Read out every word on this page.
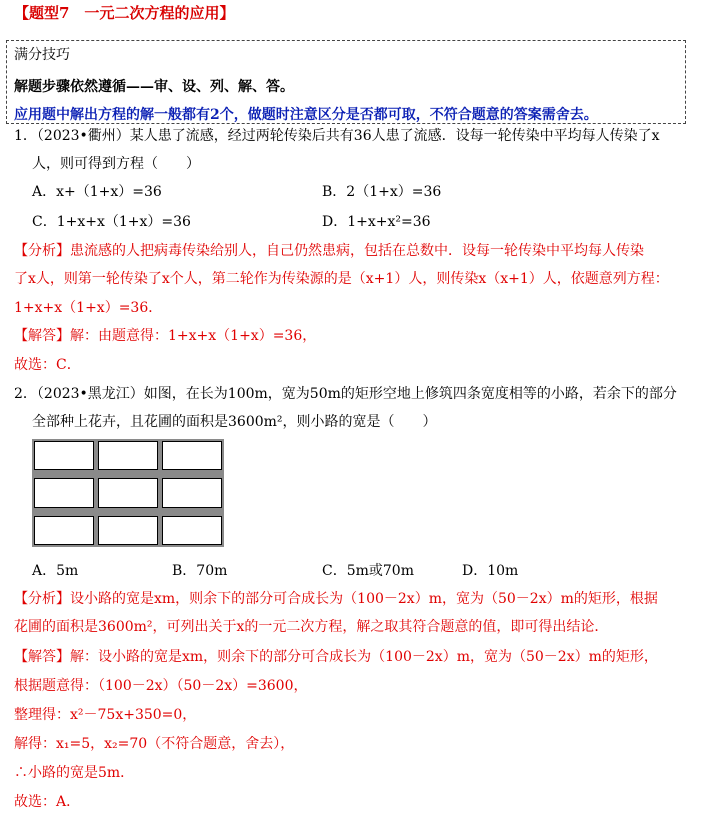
【题型7　一元二次方程的应用】
满分技巧
解题步骤依然遵循——审、设、列、解、答。
应用题中解出方程的解一般都有2个，做题时注意区分是否都可取，不符合题意的答案需舍去。
1．（2023•衢州）某人患了流感，经过两轮传染后共有36人患了流感．设每一轮传染中平均每人传染了x
人，则可得到方程（　　）
A．x+（1+x）=36	B．2（1+x）=36
C．1+x+x（1+x）=36	D．1+x+x²=36
【分析】患流感的人把病毒传染给别人，自己仍然患病，包括在总数中．设每一轮传染中平均每人传染
了x人，则第一轮传染了x个人，第二轮作为传染源的是（x+1）人，则传染x（x+1）人，依题意列方程：
1+x+x（1+x）=36．
【解答】解：由题意得：1+x+x（1+x）=36，
故选：C．
2．（2023•黑龙江）如图，在长为100m，宽为50m的矩形空地上修筑四条宽度相等的小路，若余下的部分
全部种上花卉，且花圃的面积是3600m²，则小路的宽是（　　）
A．5m	B．70m	C．5m或70m	D．10m
【分析】设小路的宽是xm，则余下的部分可合成长为（100－2x）m，宽为（50－2x）m的矩形，根据
花圃的面积是3600m²，可列出关于x的一元二次方程，解之取其符合题意的值，即可得出结论．
【解答】解：设小路的宽是xm，则余下的部分可合成长为（100－2x）m，宽为（50－2x）m的矩形，
根据题意得：（100－2x）（50－2x）=3600，
整理得：x²－75x+350=0，
解得：x₁=5，x₂=70（不符合题意，舍去），
∴小路的宽是5m．
故选：A．
